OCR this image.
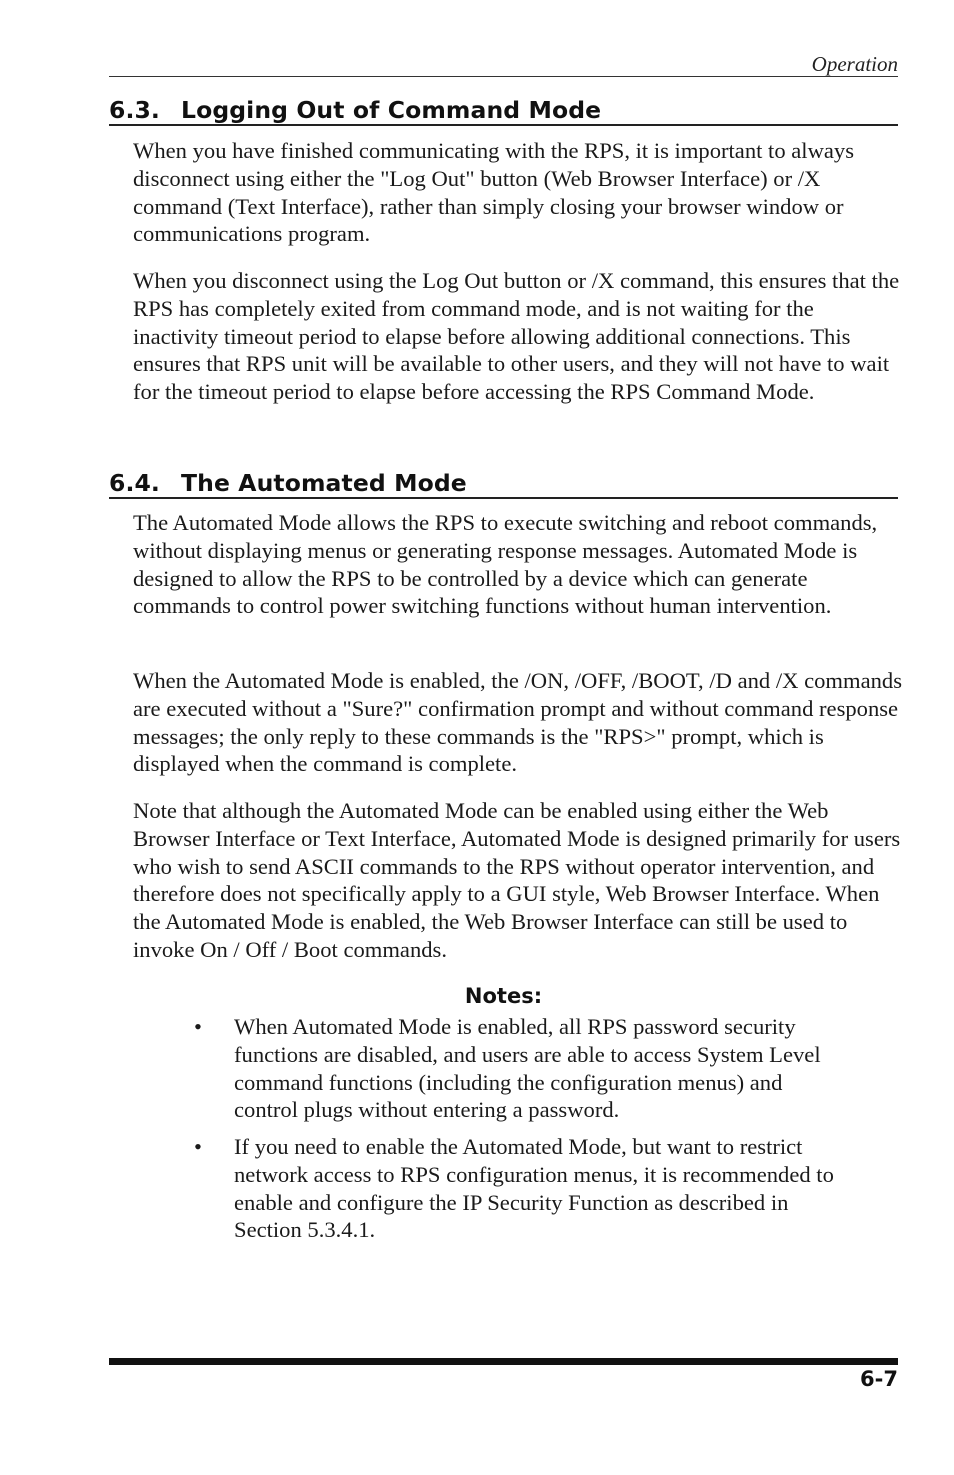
Operation
6.3. Logging Out of Command Mode

When you have finished communicating with the RPS, it is important to always disconnect using either the "Log Out" button (Web Browser Interface) or /X command (Text Interface), rather than simply closing your browser window or communications program.

When you disconnect using the Log Out button or /X command, this ensures that the RPS has completely exited from command mode, and is not waiting for the inactivity timeout period to elapse before allowing additional connections. This ensures that RPS unit will be available to other users, and they will not have to wait for the timeout period to elapse before accessing the RPS Command Mode.

6.4. The Automated Mode

The Automated Mode allows the RPS to execute switching and reboot commands, without displaying menus or generating response messages. Automated Mode is designed to allow the RPS to be controlled by a device which can generate commands to control power switching functions without human intervention.

When the Automated Mode is enabled, the /ON, /OFF, /BOOT, /D and /X commands are executed without a "Sure?" confirmation prompt and without command response messages; the only reply to these commands is the "RPS>" prompt, which is displayed when the command is complete.

Note that although the Automated Mode can be enabled using either the Web Browser Interface or Text Interface, Automated Mode is designed primarily for users who wish to send ASCII commands to the RPS without operator intervention, and therefore does not specifically apply to a GUI style, Web Browser Interface. When the Automated Mode is enabled, the Web Browser Interface can still be used to invoke On / Off / Boot commands.

Notes:
• When Automated Mode is enabled, all RPS password security functions are disabled, and users are able to access System Level command functions (including the configuration menus) and control plugs without entering a password.

• If you need to enable the Automated Mode, but want to restrict network access to RPS configuration menus, it is recommended to enable and configure the IP Security Function as described in Section 5.3.4.1.

6-7
